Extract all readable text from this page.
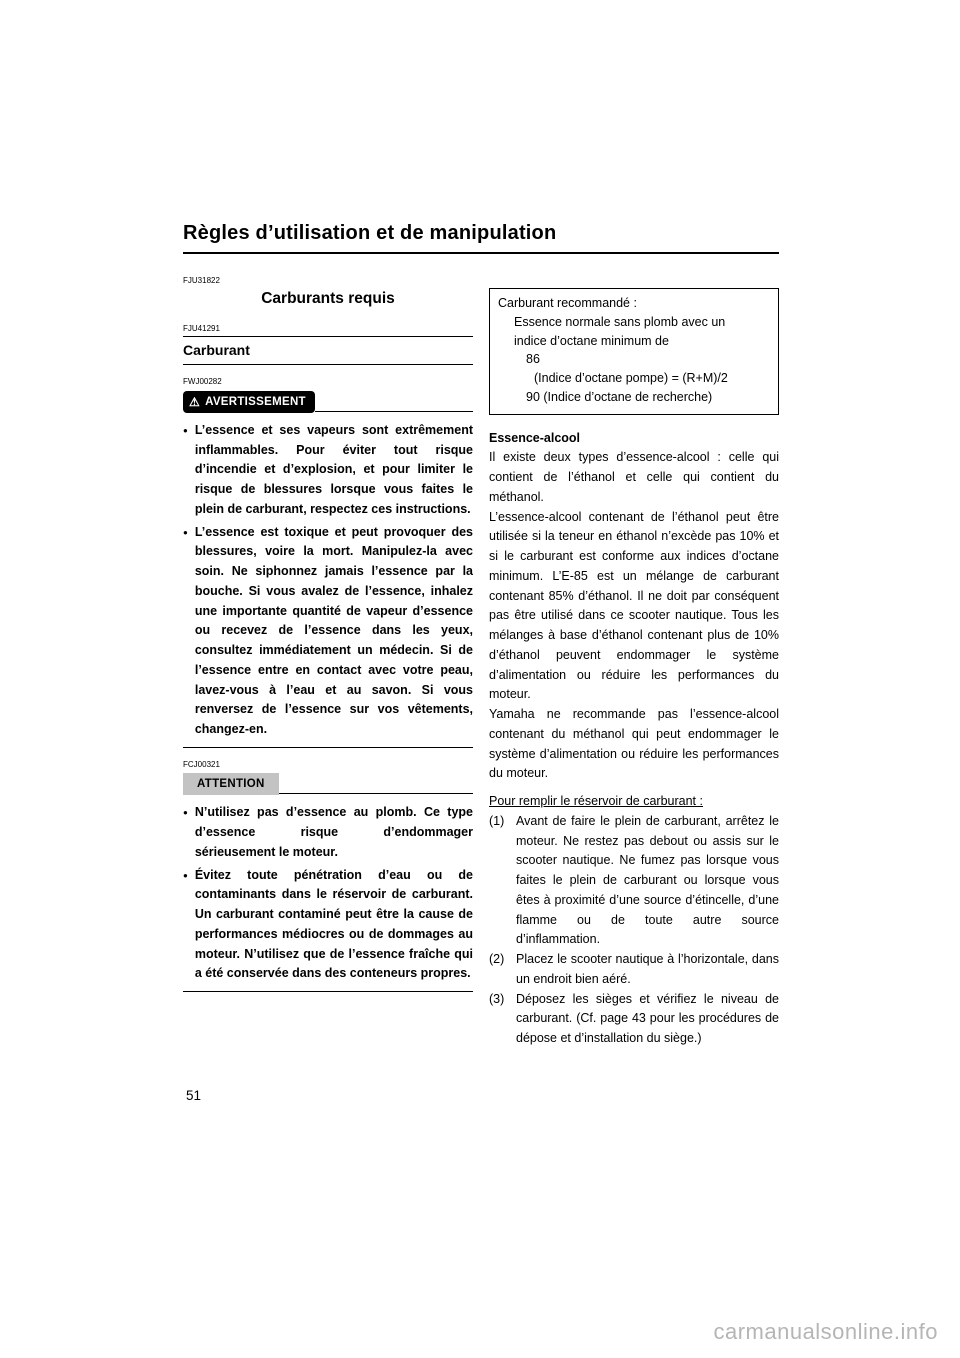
Règles d’utilisation et de manipulation
FJU31822
Carburants requis
FJU41291
Carburant
FWJ00282
⚠ AVERTISSEMENT
● L’essence et ses vapeurs sont extrêmement inflammables. Pour éviter tout risque d’incendie et d’explosion, et pour limiter le risque de blessures lorsque vous faites le plein de carburant, respectez ces instructions.
● L’essence est toxique et peut provoquer des blessures, voire la mort. Manipulez-la avec soin. Ne siphonnez jamais l’essence par la bouche. Si vous avalez de l’essence, inhalez une importante quantité de vapeur d’essence ou recevez de l’essence dans les yeux, consultez immédiatement un médecin. Si de l’essence entre en contact avec votre peau, lavez-vous à l’eau et au savon. Si vous renversez de l’essence sur vos vêtements, changez-en.
FCJ00321
ATTENTION
● N’utilisez pas d’essence au plomb. Ce type d’essence risque d’endommager sérieusement le moteur.
● Évitez toute pénétration d’eau ou de contaminants dans le réservoir de carburant. Un carburant contaminé peut être la cause de performances médiocres ou de dommages au moteur. N’utilisez que de l’essence fraîche qui a été conservée dans des conteneurs propres.
Carburant recommandé :
Essence normale sans plomb avec un
indice d’octane minimum de
86
(Indice d’octane pompe) = (R+M)/2
90 (Indice d’octane de recherche)
Essence-alcool

Il existe deux types d’essence-alcool : celle qui contient de l’éthanol et celle qui contient du méthanol.

L’essence-alcool contenant de l’éthanol peut être utilisée si la teneur en éthanol n’excède pas 10% et si le carburant est conforme aux indices d’octane minimum. L’E-85 est un mélange de carburant contenant 85% d’éthanol. Il ne doit par conséquent pas être utilisé dans ce scooter nautique. Tous les mélanges à base d’éthanol contenant plus de 10% d’éthanol peuvent endommager le système d’alimentation ou réduire les performances du moteur.

Yamaha ne recommande pas l’essence-alcool contenant du méthanol qui peut endommager le système d’alimentation ou réduire les performances du moteur.

Pour remplir le réservoir de carburant :
(1) Avant de faire le plein de carburant, arrêtez le moteur. Ne restez pas debout ou assis sur le scooter nautique. Ne fumez pas lorsque vous faites le plein de carburant ou lorsque vous êtes à proximité d’une source d’étincelle, d’une flamme ou de toute autre source d’inflammation.
(2) Placez le scooter nautique à l’horizontale, dans un endroit bien aéré.
(3) Déposez les sièges et vérifiez le niveau de carburant. (Cf. page 43 pour les procédures de dépose et d’installation du siège.)
51
carmanualsonline.info
